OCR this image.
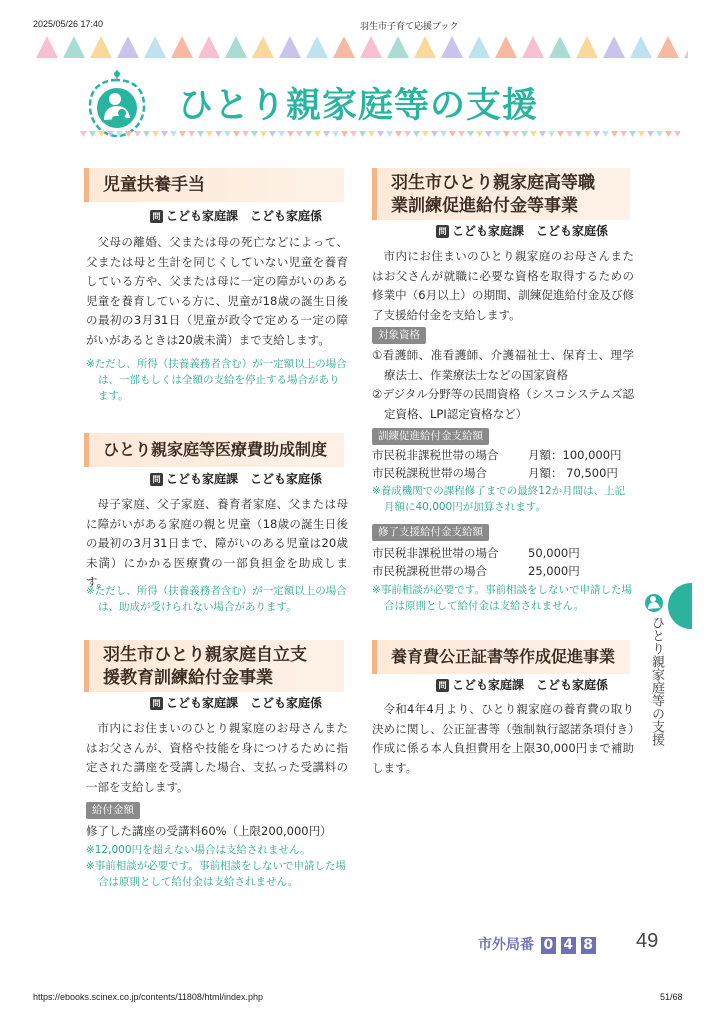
2025/05/26 17:40	羽生市子育て応援ブック
https://ebooks.scinex.co.jp/contents/11808/html/index.php	51/68
ひとり親家庭等の支援
児童扶養手当
問 こども家庭課　こども家庭係
父母の離婚、父または母の死亡などによって、父または母と生計を同じくしていない児童を養育している方や、父または母に一定の障がいのある児童を養育している方に、児童が18歳の誕生日後の最初の3月31日（児童が政令で定める一定の障がいがあるときは20歳未満）まで支給します。
※ただし、所得（扶養義務者含む）が一定額以上の場合は、一部もしくは全額の支給を停止する場合があります。
ひとり親家庭等医療費助成制度
問 こども家庭課　こども家庭係
母子家庭、父子家庭、養育者家庭、父または母に障がいがある家庭の親と児童（18歳の誕生日後の最初の3月31日まで、障がいのある児童は20歳未満）にかかる医療費の一部負担金を助成します。
※ただし、所得（扶養義務者含む）が一定額以上の場合は、助成が受けられない場合があります。
羽生市ひとり親家庭自立支
援教育訓練給付金事業
問 こども家庭課　こども家庭係
市内にお住まいのひとり親家庭のお母さんまたはお父さんが、資格や技能を身につけるために指定された講座を受講した場合、支払った受講料の一部を支給します。
給付金額
修了した講座の受講料60%（上限200,000円）
※12,000円を超えない場合は支給されません。
※事前相談が必要です。事前相談をしないで申請した場合は原則として給付金は支給されません。
羽生市ひとり親家庭高等職
業訓練促進給付金等事業
問 こども家庭課　こども家庭係
市内にお住まいのひとり親家庭のお母さんまたはお父さんが就職に必要な資格を取得するための修業中（6月以上）の期間、訓練促進給付金及び修了支援給付金を支給します。
対象資格
①看護師、准看護師、介護福祉士、保育士、理学療法士、作業療法士などの国家資格
②デジタル分野等の民間資格（シスコシステムズ認定資格、LPI認定資格など）
訓練促進給付金支給額
市民税非課税世帯の場合	月額：100,000円
市民税課税世帯の場合	月額： 70,500円
※養成機関での課程修了までの最終12か月間は、上記月額に40,000円が加算されます。
修了支援給付金支給額
市民税非課税世帯の場合	50,000円
市民税課税世帯の場合	25,000円
※事前相談が必要です。事前相談をしないで申請した場合は原則として給付金は支給されません。
養育費公正証書等作成促進事業
問 こども家庭課　こども家庭係
令和4年4月より、ひとり親家庭の養育費の取り決めに関し、公正証書等（強制執行認諾条項付き）作成に係る本人負担費用を上限30,000円まで補助します。
ひとり親家庭等の支援
市外局番 0 4 8 49
